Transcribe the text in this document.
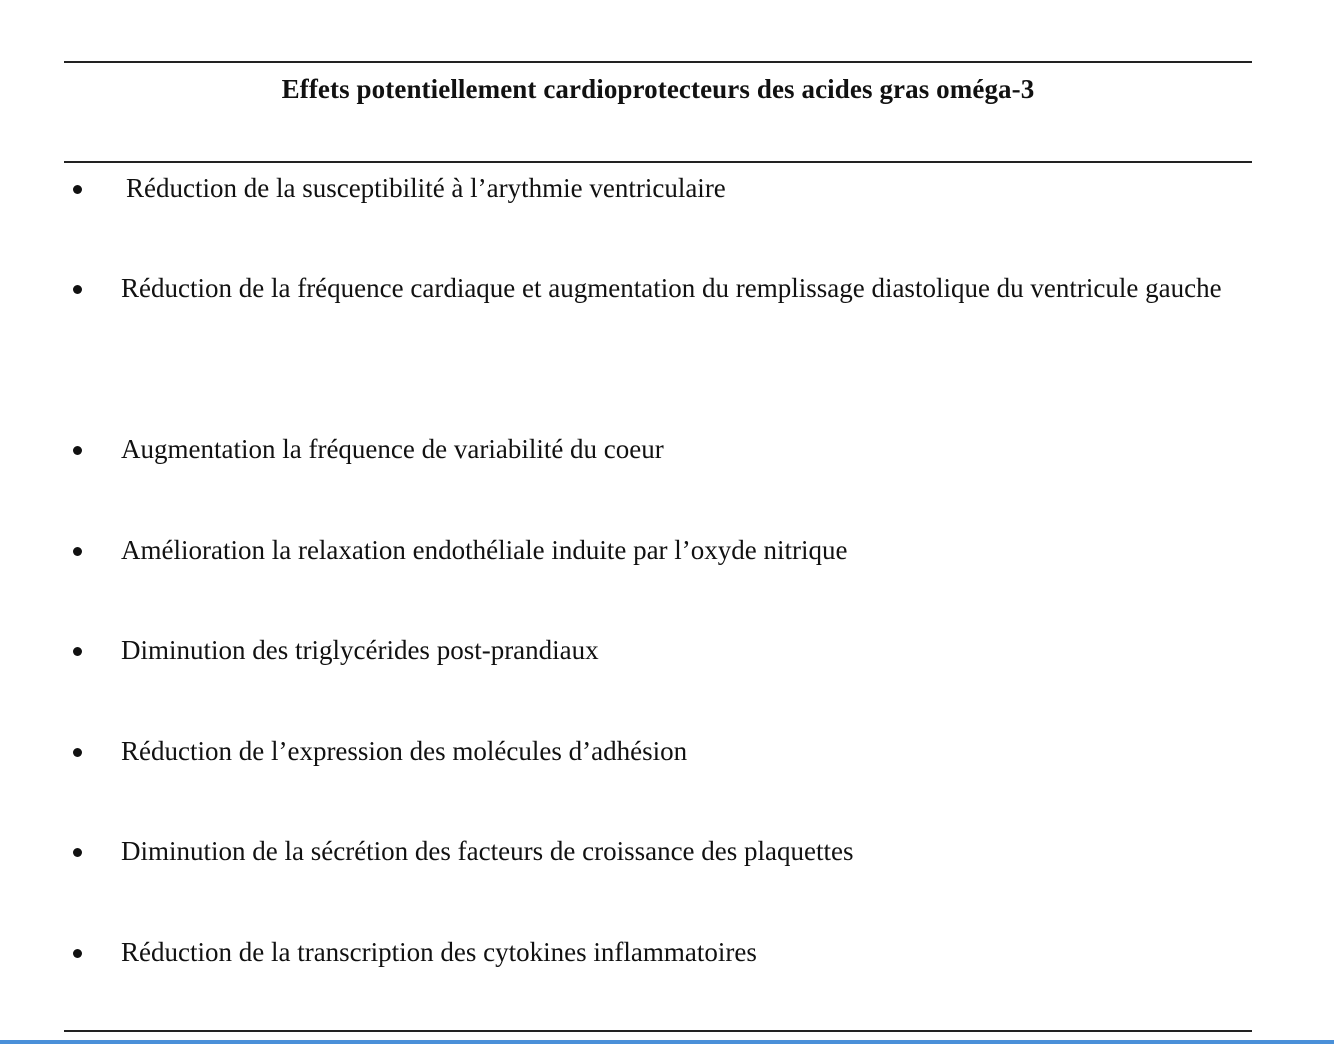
Effets potentiellement cardioprotecteurs des acides gras oméga-3
Réduction de la susceptibilité à l’arythmie ventriculaire
Réduction de la fréquence cardiaque et augmentation du remplissage diastolique du ventricule gauche
Augmentation la fréquence de variabilité du coeur
Amélioration la relaxation endothéliale induite par l’oxyde nitrique
Diminution des triglycérides post-prandiaux
Réduction de l’expression des molécules d’adhésion
Diminution de la sécrétion des facteurs de croissance des plaquettes
Réduction de la transcription des cytokines inflammatoires
